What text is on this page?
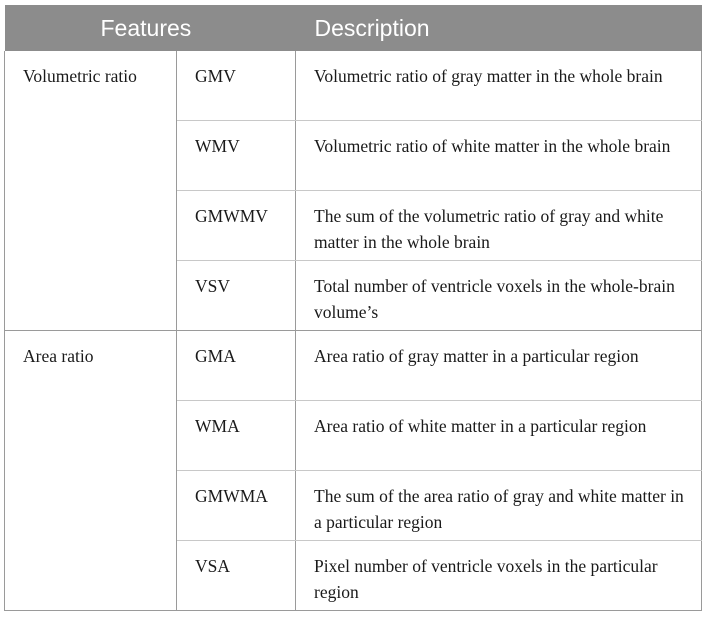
Features		Description
Volumetric ratio	GMV	Volumetric ratio of gray matter in the whole brain
	WMV	Volumetric ratio of white matter in the whole brain
	GMWMV	The sum of the volumetric ratio of gray and white matter in the whole brain
	VSV	Total number of ventricle voxels in the whole-brain volume’s
Area ratio	GMA	Area ratio of gray matter in a particular region
	WMA	Area ratio of white matter in a particular region
	GMWMA	The sum of the area ratio of gray and white matter in a particular region
	VSA	Pixel number of ventricle voxels in the particular region
